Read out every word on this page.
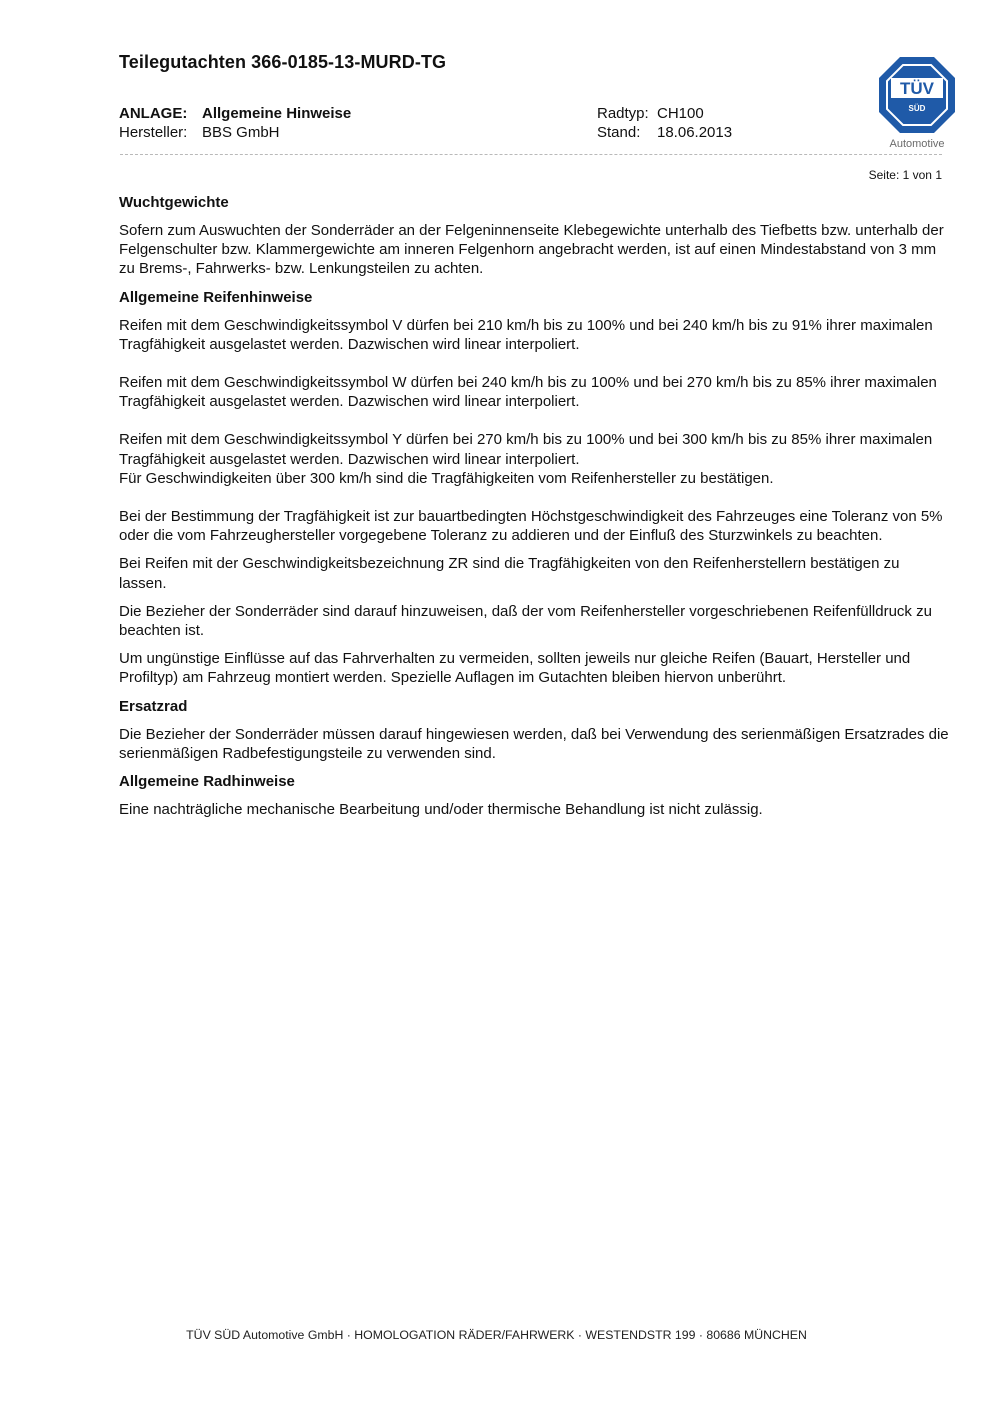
Teilegutachten 366-0185-13-MURD-TG
ANLAGE: Allgemeine Hinweise
Hersteller: BBS GmbH
Radtyp: CH100
Stand: 18.06.2013
TÜV
SÜD
Automotive
Seite: 1 von 1
Wuchtgewichte

Sofern zum Auswuchten der Sonderräder an der Felgeninnenseite Klebegewichte unterhalb des Tiefbetts bzw. unterhalb der Felgenschulter bzw. Klammergewichte am inneren Felgenhorn angebracht werden, ist auf einen Mindestabstand von 3 mm zu Brems-, Fahrwerks- bzw. Lenkungsteilen zu achten.

Allgemeine Reifenhinweise

Reifen mit dem Geschwindigkeitssymbol V dürfen bei 210 km/h bis zu 100% und bei 240 km/h bis zu 91% ihrer maximalen Tragfähigkeit ausgelastet werden. Dazwischen wird linear interpoliert.

Reifen mit dem Geschwindigkeitssymbol W dürfen bei 240 km/h bis zu 100% und bei 270 km/h bis zu 85% ihrer maximalen Tragfähigkeit ausgelastet werden. Dazwischen wird linear interpoliert.

Reifen mit dem Geschwindigkeitssymbol Y dürfen bei 270 km/h bis zu 100% und bei 300 km/h bis zu 85% ihrer maximalen Tragfähigkeit ausgelastet werden. Dazwischen wird linear interpoliert.

Für Geschwindigkeiten über 300 km/h sind die Tragfähigkeiten vom Reifenhersteller zu bestätigen.

Bei der Bestimmung der Tragfähigkeit ist zur bauartbedingten Höchstgeschwindigkeit des Fahrzeuges eine Toleranz von 5% oder die vom Fahrzeughersteller vorgegebene Toleranz zu addieren und der Einfluß des Sturzwinkels zu beachten.

Bei Reifen mit der Geschwindigkeitsbezeichnung ZR sind die Tragfähigkeiten von den Reifenherstellern bestätigen zu lassen.

Die Bezieher der Sonderräder sind darauf hinzuweisen, daß der vom Reifenhersteller vorgeschriebenen Reifenfülldruck zu beachten ist.

Um ungünstige Einflüsse auf das Fahrverhalten zu vermeiden, sollten jeweils nur gleiche Reifen (Bauart, Hersteller und Profiltyp) am Fahrzeug montiert werden. Spezielle Auflagen im Gutachten bleiben hiervon unberührt.

Ersatzrad

Die Bezieher der Sonderräder müssen darauf hingewiesen werden, daß bei Verwendung des serienmäßigen Ersatzrades die serienmäßigen Radbefestigungsteile zu verwenden sind.

Allgemeine Radhinweise

Eine nachträgliche mechanische Bearbeitung und/oder thermische Behandlung ist nicht zulässig.

TÜV SÜD Automotive GmbH · HOMOLOGATION RÄDER/FAHRWERK · WESTENDSTR 199 · 80686 MÜNCHEN
